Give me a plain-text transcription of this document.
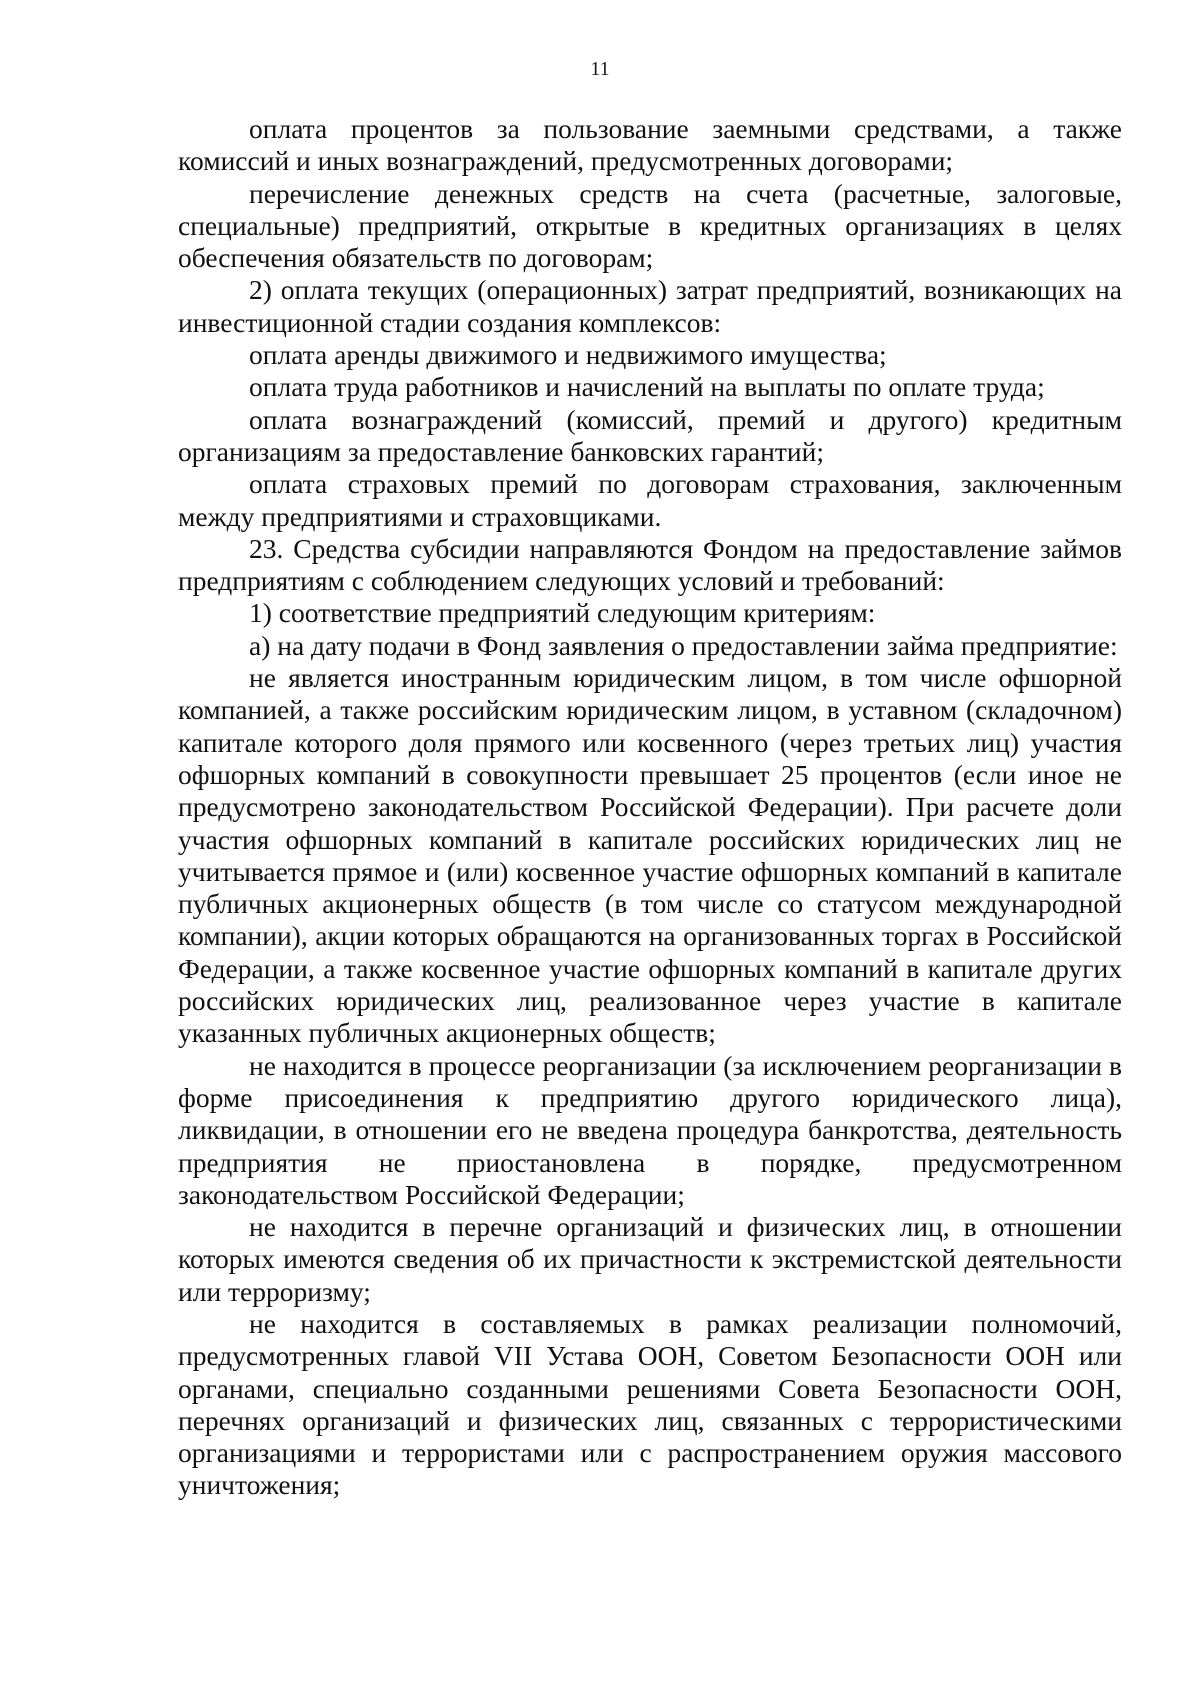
11

оплата процентов за пользование заемными средствами, а также комиссий и иных вознаграждений, предусмотренных договорами;

перечисление денежных средств на счета (расчетные, залоговые, специальные) предприятий, открытые в кредитных организациях в целях обеспечения обязательств по договорам;

2) оплата текущих (операционных) затрат предприятий, возникающих на инвестиционной стадии создания комплексов:

оплата аренды движимого и недвижимого имущества;

оплата труда работников и начислений на выплаты по оплате труда;

оплата вознаграждений (комиссий, премий и другого) кредитным организациям за предоставление банковских гарантий;

оплата страховых премий по договорам страхования, заключенным между предприятиями и страховщиками.

23. Средства субсидии направляются Фондом на предоставление займов предприятиям с соблюдением следующих условий и требований:

1) соответствие предприятий следующим критериям:

а) на дату подачи в Фонд заявления о предоставлении займа предприятие:

не является иностранным юридическим лицом, в том числе офшорной компанией, а также российским юридическим лицом, в уставном (складочном) капитале которого доля прямого или косвенного (через третьих лиц) участия офшорных компаний в совокупности превышает 25 процентов (если иное не предусмотрено законодательством Российской Федерации). При расчете доли участия офшорных компаний в капитале российских юридических лиц не учитывается прямое и (или) косвенное участие офшорных компаний в капитале публичных акционерных обществ (в том числе со статусом международной компании), акции которых обращаются на организованных торгах в Российской Федерации, а также косвенное участие офшорных компаний в капитале других российских юридических лиц, реализованное через участие в капитале указанных публичных акционерных обществ;

не находится в процессе реорганизации (за исключением реорганизации в форме присоединения к предприятию другого юридического лица), ликвидации, в отношении его не введена процедура банкротства, деятельность предприятия не приостановлена в порядке, предусмотренном законодательством Российской Федерации;

не находится в перечне организаций и физических лиц, в отношении которых имеются сведения об их причастности к экстремистской деятельности или терроризму;

не находится в составляемых в рамках реализации полномочий, предусмотренных главой VII Устава ООН, Советом Безопасности ООН или органами, специально созданными решениями Совета Безопасности ООН, перечнях организаций и физических лиц, связанных с террористическими организациями и террористами или с распространением оружия массового уничтожения;
